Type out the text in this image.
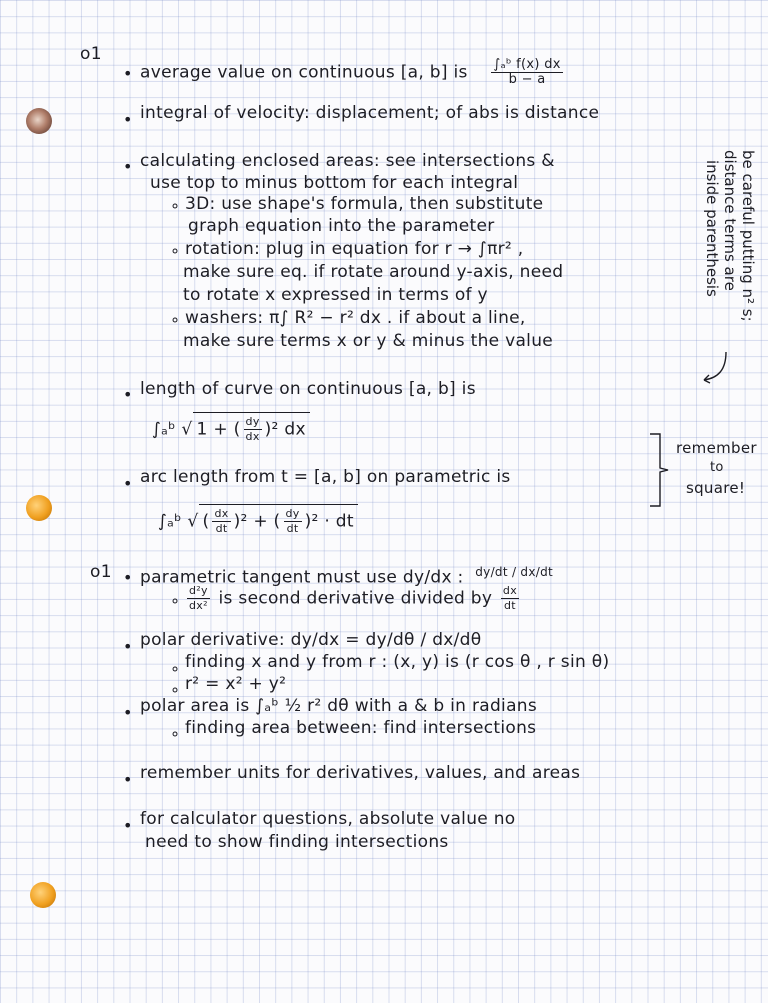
o1
o1
• average value on continuous [a, b] is $\frac{\text{∫ₐᵇ f(x) dx}}{b - a}$
• integral of velocity: displacement; of abs is distance
• calculating enclosed areas: see intersections &
use top to minus bottom for each integral
∘ 3D: use shape's formula, then substitute
graph equation into the parameter
∘ rotation: plug in equation for r → ∫πr² ,
make sure eq. if rotate around y-axis, need
to rotate x expressed in terms of y
∘ washers: π∫ R² − r² dx . if about a line,
make sure terms x or y & minus the value
be careful putting n² s;
distance terms are
inside parenthesis
• length of curve on continuous [a, b] is
∫ₐᵇ √ 1 + ( $\frac{dy}{dx} )^2$ dx
• arc length from t = [a, b] on parametric is
∫ₐᵇ √ ( $\frac{dx}{dt} )^2$ + ( $\frac{dy}{dt} )^2$ · dt
remember
to
square!
• parametric tangent must use dy/dx : $^{dy/dt / dx/dt}$
∘ $\frac{\text{d²y}}{\text{dx²}}$ is second derivative divided by $\frac{dx}{dt}$
• polar derivative: dy/dx = dy/dθ / dx/dθ
∘ finding x and y from r : (x, y) is (r cos θ , r sin θ)
∘ r² = x² + y²
• polar area is ∫ₐᵇ ½ r² dθ with a & b in radians
∘ finding area between: find intersections
• remember units for derivatives, values, and areas
• for calculator questions, absolute value no
need to show finding intersections
